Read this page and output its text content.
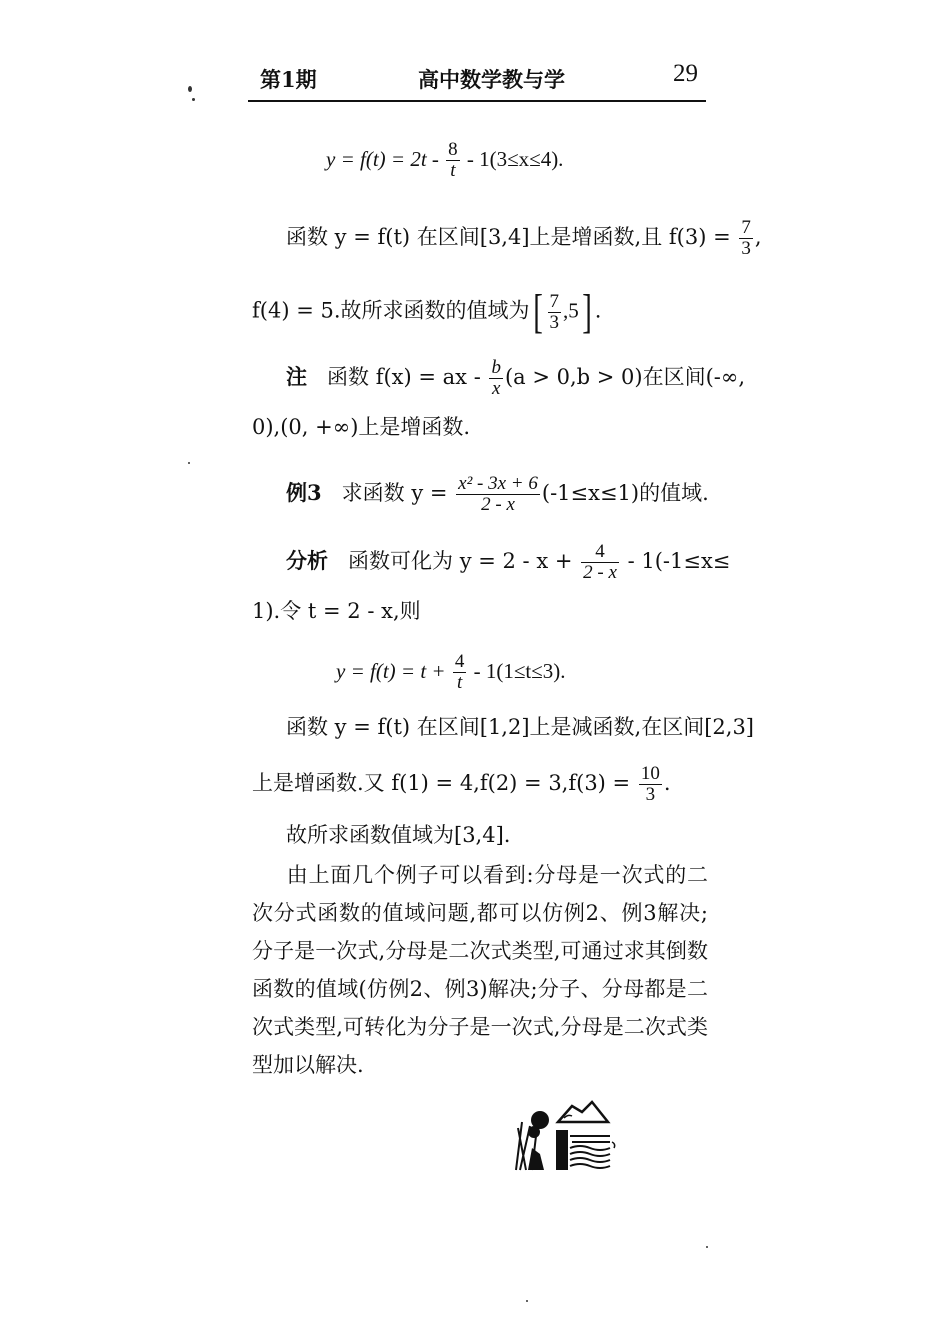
第1期	高中数学教与学	29
$y = f(t) = 2t - \frac{8}{t} - 1(3\le x\le 4)$.
函数 y = f(t) 在区间[3,4]上是增函数,且 $f(3) = \frac{7}{3}$ ,
f(4) = 5.故所求函数的值域为[ $\frac{7}{3} ,5$] .
注 函数 f(x) = ax - $\frac{b}{x} (a > 0,b > 0)$在区间(-∞,
0),(0, +∞)上是增函数.
例3 求函数 $y = \frac{\text{x² - 3x + 6}}{2 - x} (-1\le x\le 1)$的值域.
分析 函数可化为 $y = 2 - x + \frac{4}{2 - x} - 1(-1\le x\le$
1).令 t = 2 - x,则
$y = f(t) = t + \frac{4}{t} - 1(1\le t\le 3)$.
函数 y = f(t) 在区间[1,2]上是减函数,在区间[2,3]
上是增函数.又 $f(1) = 4,f(2) = 3,f(3) = \frac{10}{3}$ .
故所求函数值域为[3,4].
由上面几个例子可以看到:分母是一次式的二次分式函数的值域问题,都可以仿例2、例3解决;分子是一次式,分母是二次式类型,可通过求其倒数函数的值域(仿例2、例3)解决;分子、分母都是二次式类型,可转化为分子是一次式,分母是二次式类型加以解决.
